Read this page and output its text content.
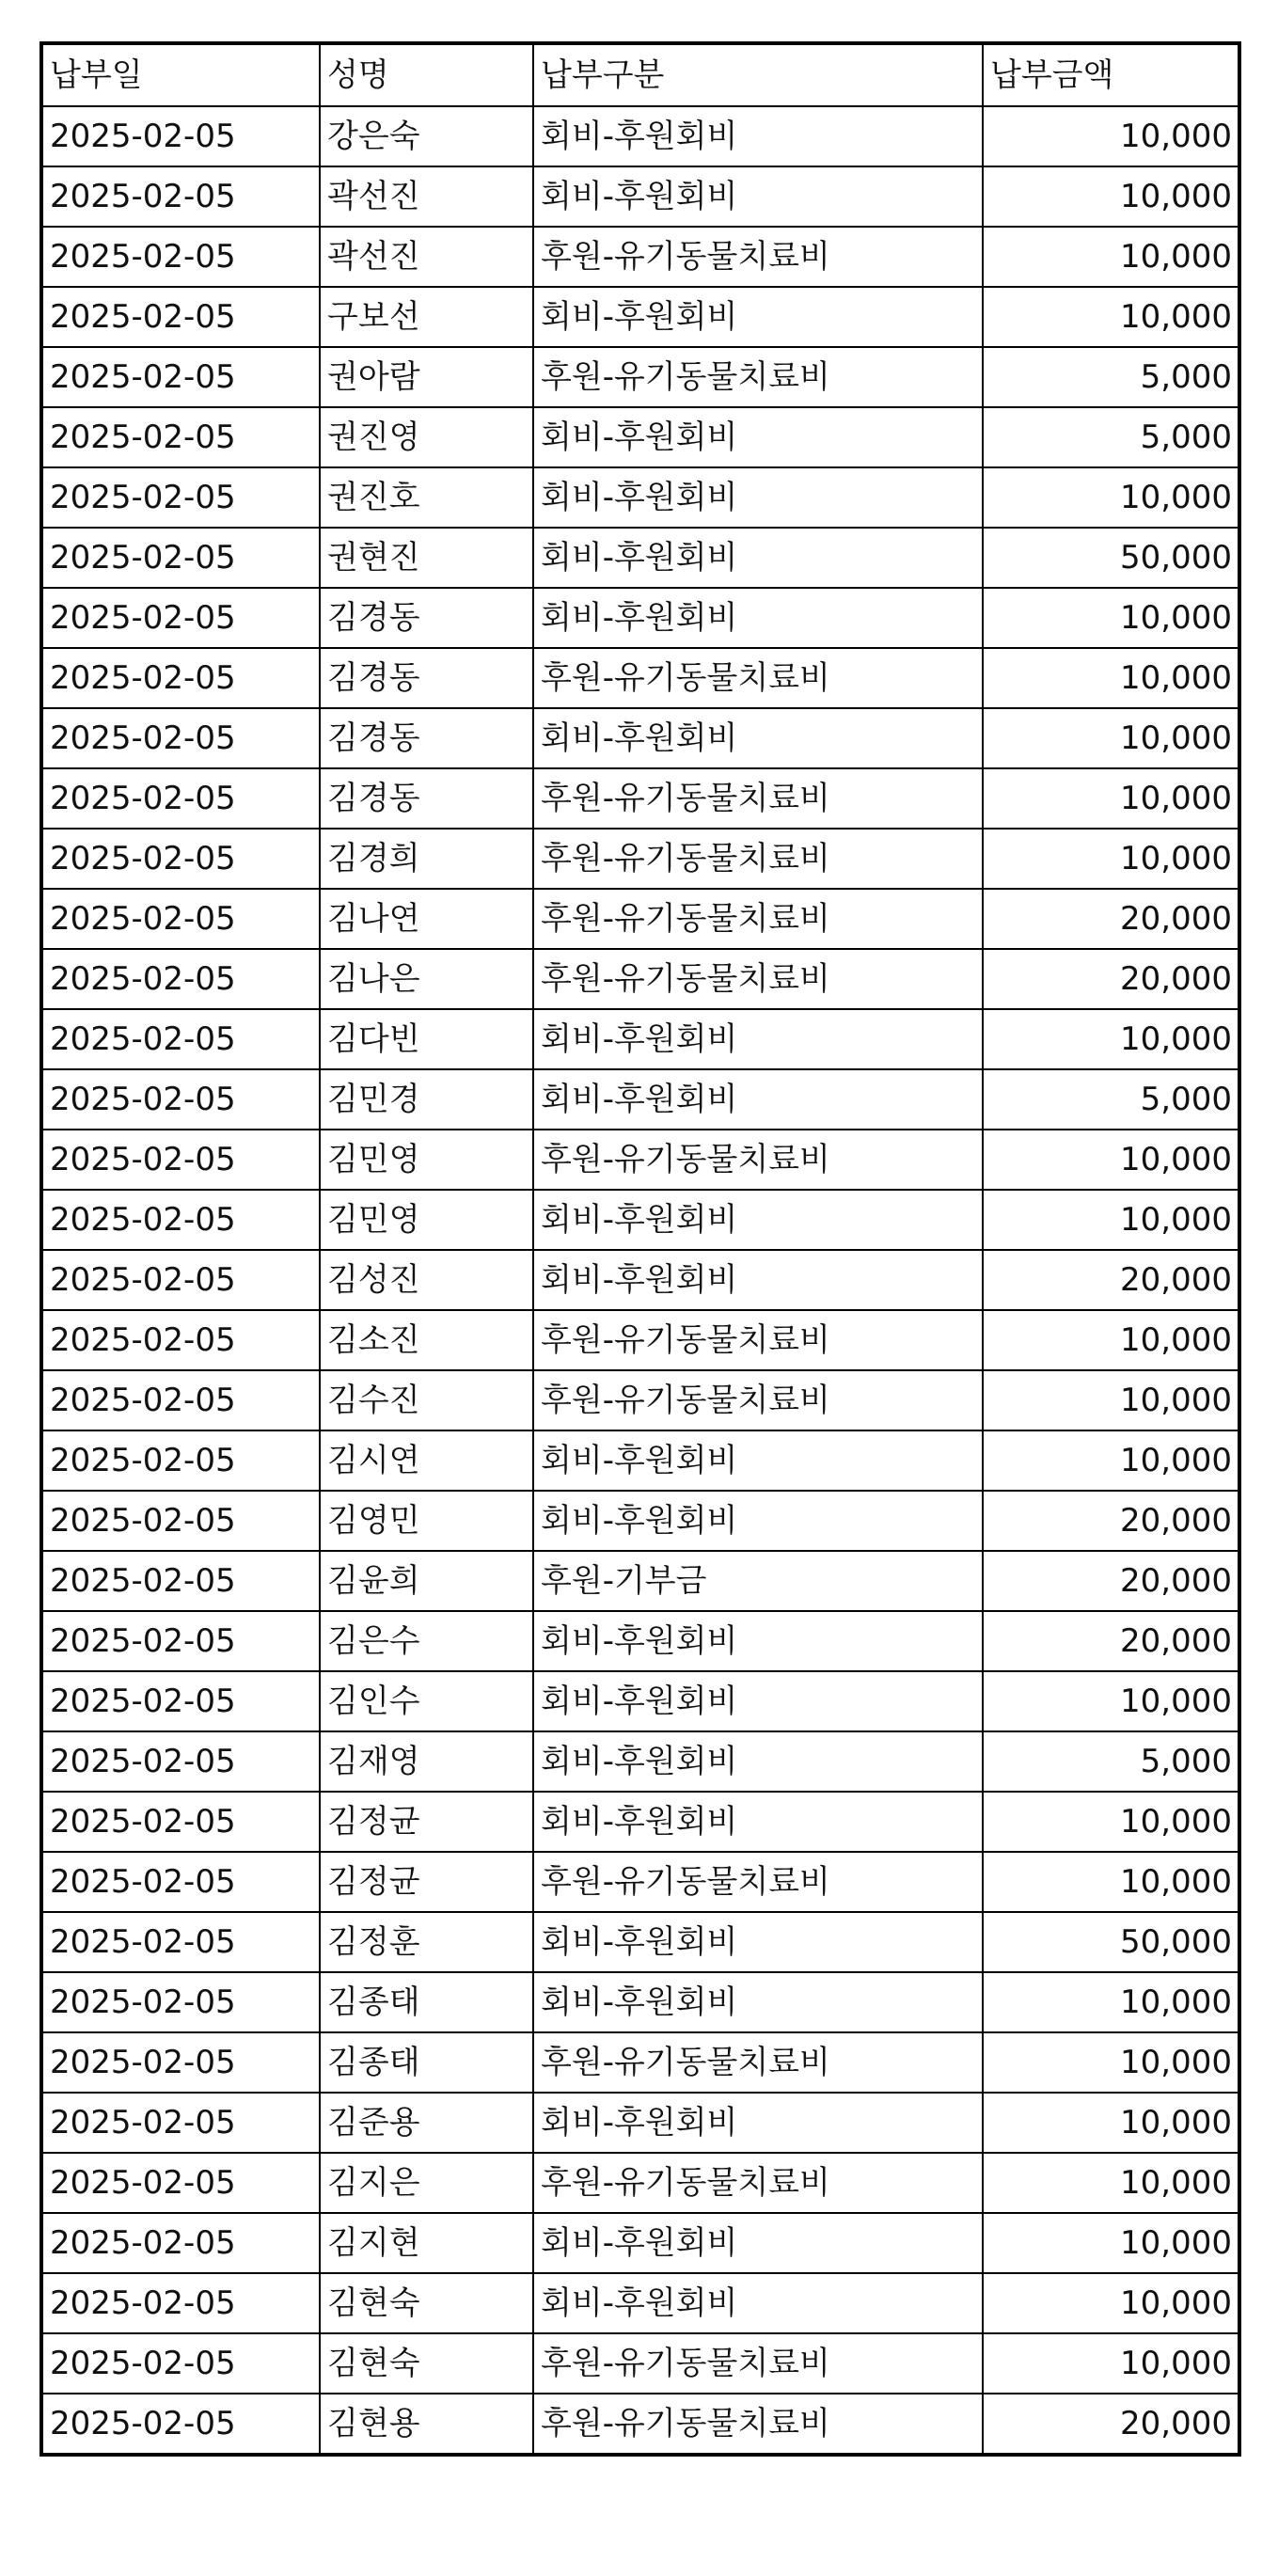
납부일	성명	납부구분	납부금액
2025-02-05	강은숙	회비-후원회비	10,000
2025-02-05	곽선진	회비-후원회비	10,000
2025-02-05	곽선진	후원-유기동물치료비	10,000
2025-02-05	구보선	회비-후원회비	10,000
2025-02-05	권아람	후원-유기동물치료비	5,000
2025-02-05	권진영	회비-후원회비	5,000
2025-02-05	권진호	회비-후원회비	10,000
2025-02-05	권현진	회비-후원회비	50,000
2025-02-05	김경동	회비-후원회비	10,000
2025-02-05	김경동	후원-유기동물치료비	10,000
2025-02-05	김경동	회비-후원회비	10,000
2025-02-05	김경동	후원-유기동물치료비	10,000
2025-02-05	김경희	후원-유기동물치료비	10,000
2025-02-05	김나연	후원-유기동물치료비	20,000
2025-02-05	김나은	후원-유기동물치료비	20,000
2025-02-05	김다빈	회비-후원회비	10,000
2025-02-05	김민경	회비-후원회비	5,000
2025-02-05	김민영	후원-유기동물치료비	10,000
2025-02-05	김민영	회비-후원회비	10,000
2025-02-05	김성진	회비-후원회비	20,000
2025-02-05	김소진	후원-유기동물치료비	10,000
2025-02-05	김수진	후원-유기동물치료비	10,000
2025-02-05	김시연	회비-후원회비	10,000
2025-02-05	김영민	회비-후원회비	20,000
2025-02-05	김윤희	후원-기부금	20,000
2025-02-05	김은수	회비-후원회비	20,000
2025-02-05	김인수	회비-후원회비	10,000
2025-02-05	김재영	회비-후원회비	5,000
2025-02-05	김정균	회비-후원회비	10,000
2025-02-05	김정균	후원-유기동물치료비	10,000
2025-02-05	김정훈	회비-후원회비	50,000
2025-02-05	김종태	회비-후원회비	10,000
2025-02-05	김종태	후원-유기동물치료비	10,000
2025-02-05	김준용	회비-후원회비	10,000
2025-02-05	김지은	후원-유기동물치료비	10,000
2025-02-05	김지현	회비-후원회비	10,000
2025-02-05	김현숙	회비-후원회비	10,000
2025-02-05	김현숙	후원-유기동물치료비	10,000
2025-02-05	김현용	후원-유기동물치료비	20,000
